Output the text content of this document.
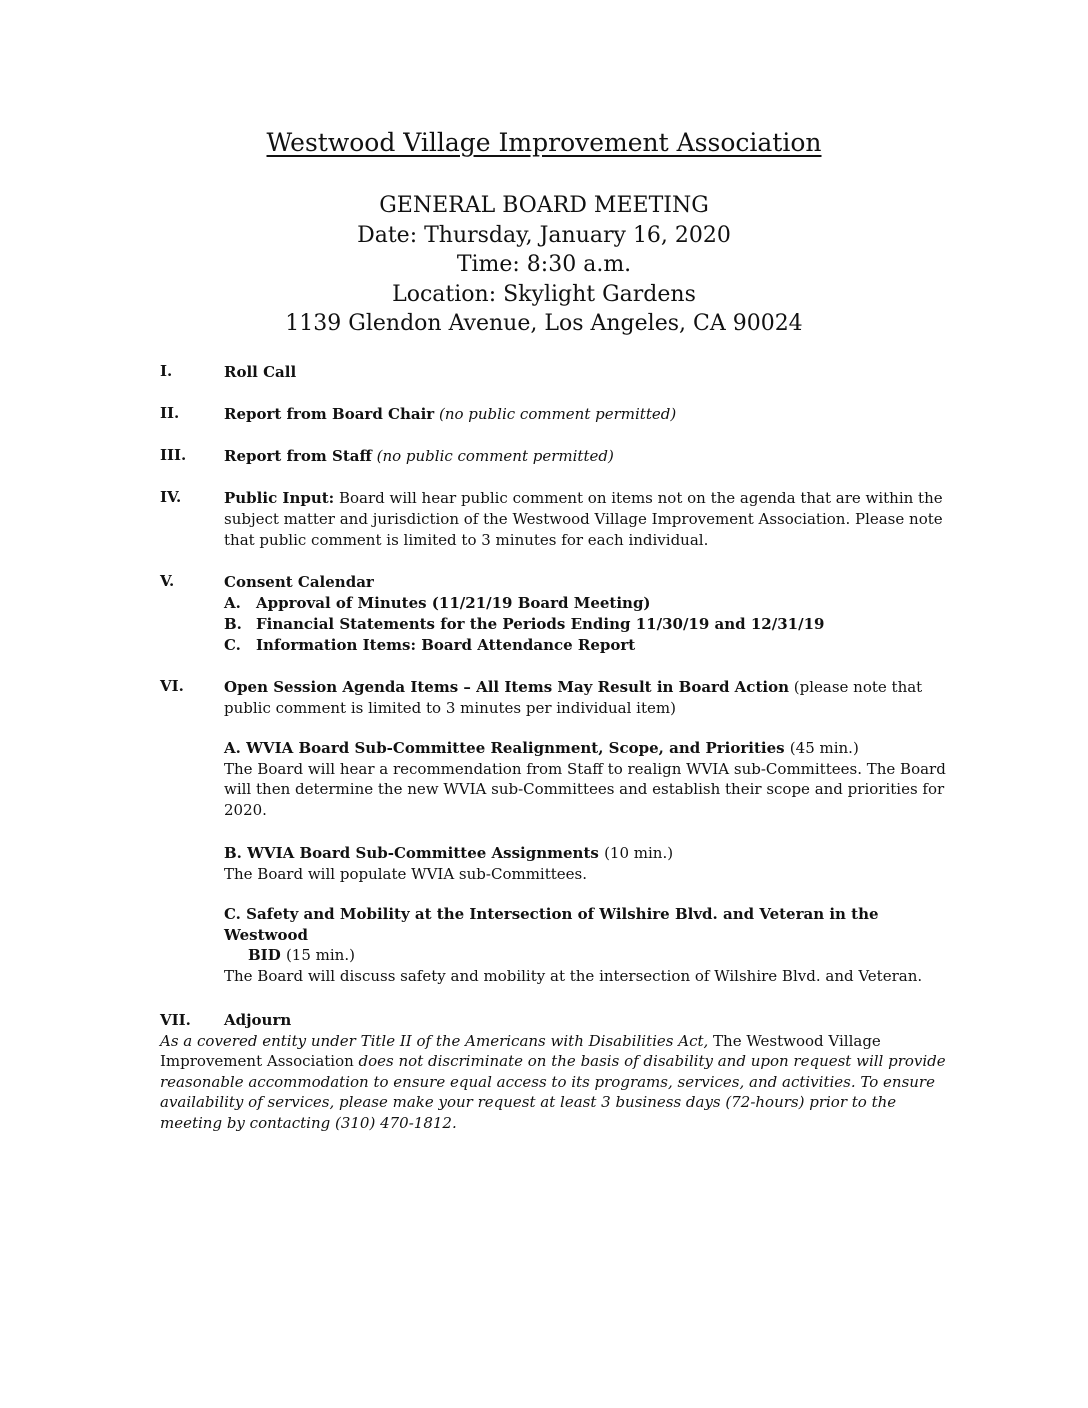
Westwood Village Improvement Association
GENERAL BOARD MEETING
Date: Thursday, January 16, 2020
Time: 8:30 a.m.
Location: Skylight Gardens
1139 Glendon Avenue, Los Angeles, CA 90024
I.	Roll Call
II.	Report from Board Chair (no public comment permitted)
III.	Report from Staff (no public comment permitted)
IV.	Public Input: Board will hear public comment on items not on the agenda that are within the subject matter and jurisdiction of the Westwood Village Improvement Association. Please note that public comment is limited to 3 minutes for each individual.
V.	Consent Calendar
A. Approval of Minutes (11/21/19 Board Meeting)
B. Financial Statements for the Periods Ending 11/30/19 and 12/31/19
C. Information Items: Board Attendance Report
VI.	Open Session Agenda Items – All Items May Result in Board Action (please note that public comment is limited to 3 minutes per individual item)
A. WVIA Board Sub-Committee Realignment, Scope, and Priorities (45 min.)
The Board will hear a recommendation from Staff to realign WVIA sub-Committees. The Board will then determine the new WVIA sub-Committees and establish their scope and priorities for 2020.
B. WVIA Board Sub-Committee Assignments (10 min.)
The Board will populate WVIA sub-Committees.
C. Safety and Mobility at the Intersection of Wilshire Blvd. and Veteran in the Westwood
BID (15 min.)
The Board will discuss safety and mobility at the intersection of Wilshire Blvd. and Veteran.
VII. Adjourn
As a covered entity under Title II of the Americans with Disabilities Act, The Westwood Village Improvement Association does not discriminate on the basis of disability and upon request will provide reasonable accommodation to ensure equal access to its programs, services, and activities. To ensure availability of services, please make your request at least 3 business days (72-hours) prior to the meeting by contacting (310) 470-1812.
